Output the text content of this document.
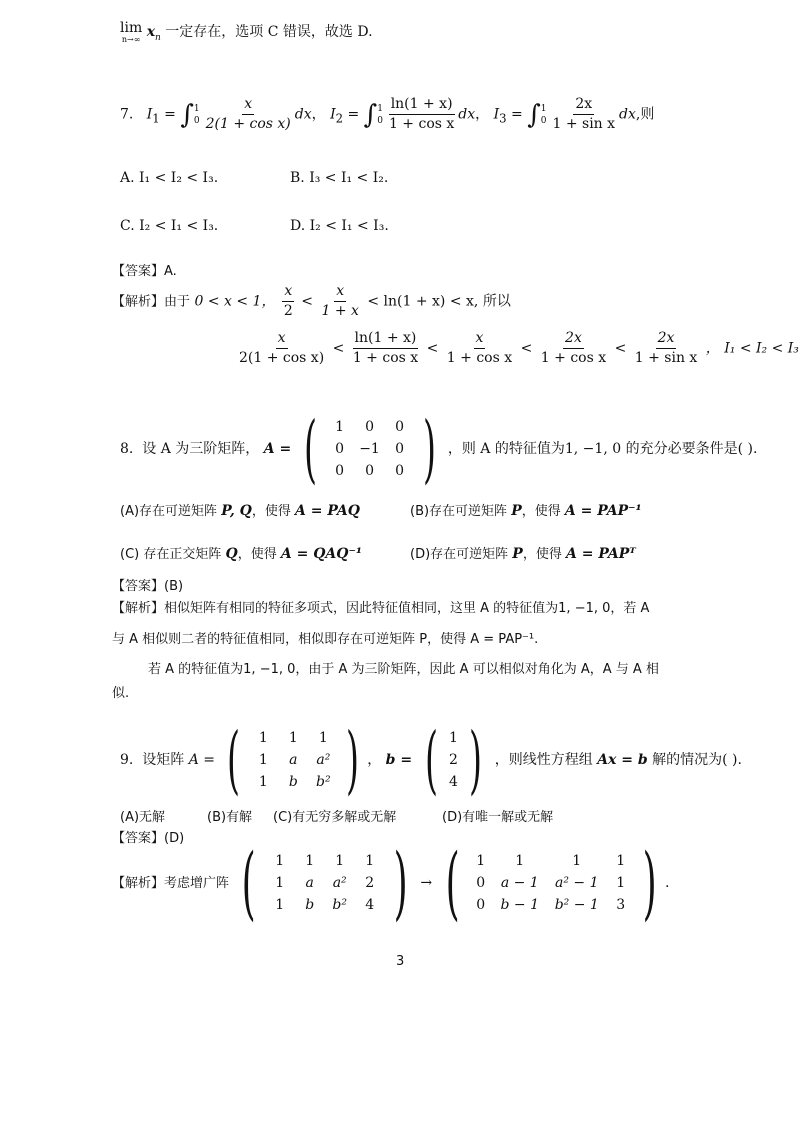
lim
n→∞ $x_n$ 一定存在，选项 C 错误，故选 D.
7. $I_1$ = ∫ 1
$0 \frac{x}{\text{2(1 + cos x)}}$ dx， $I_2$ = ∫ 1
$0 \frac{\ln(1 + x)}{\text{1 + cos x}}$ dx， $I_3$ = ∫ 1
$0 \frac{2x}{\text{1 + sin x}}$ dx,则
A. I₁ < I₂ < I₃.	B. I₃ < I₁ < I₂.
C. I₂ < I₁ < I₃.	D. I₂ < I₁ < I₃.
【答案】A.
【解析】由于 0 < x < 1， $\frac{x}{2} < \frac{x}{1 + x} < \ln(1 + x) < x$, 所以
$\frac{x}{\text{2(1 + cos x)}} < \frac{\ln(1 + x)}{\text{1 + cos x}} < \frac{x}{\text{1 + cos x}} < \frac{2x}{\text{1 + cos x}} < \frac{2x}{\text{1 + sin x}}$ ， I₁ < I₂ < I₃
8. 设 A 为三阶矩阵， A = (	1	0	0
0	−1	0
0	0	0 ) ，则 A 的特征值为1, −1, 0 的充分必要条件是( ).
(A)存在可逆矩阵 P, Q，使得 A = PAQ	(B)存在可逆矩阵 P，使得 A = PAP⁻¹
(C) 存在正交矩阵 Q，使得 A = QAQ⁻¹	(D)存在可逆矩阵 P，使得 A = PAPᵀ
【答案】(B)
【解析】相似矩阵有相同的特征多项式，因此特征值相同，这里 A 的特征值为1, −1, 0，若 A
与 A 相似则二者的特征值相同，相似即存在可逆矩阵 P，使得 A = PAP⁻¹.
若 A 的特征值为1, −1, 0，由于 A 为三阶矩阵，因此 A 可以相似对角化为 A，A 与 A 相
似.
9. 设矩阵 A = (	1	1	1
1	a	a²
1	b	b² ) ， b = ( 1
2
4 ) ，则线性方程组 Ax = b 解的情况为( ).
(A)无解	(B)有解 (C)有无穷多解或无解	(D)有唯一解或无解
【答案】(D)
【解析】考虑增广阵 (	1	1	1	1
1	a	a²	2
1	b	b²	4 ) → (	1	1	1	1
0	a − 1	a² − 1	1
0	b − 1	b² − 1	3 ) .
3
